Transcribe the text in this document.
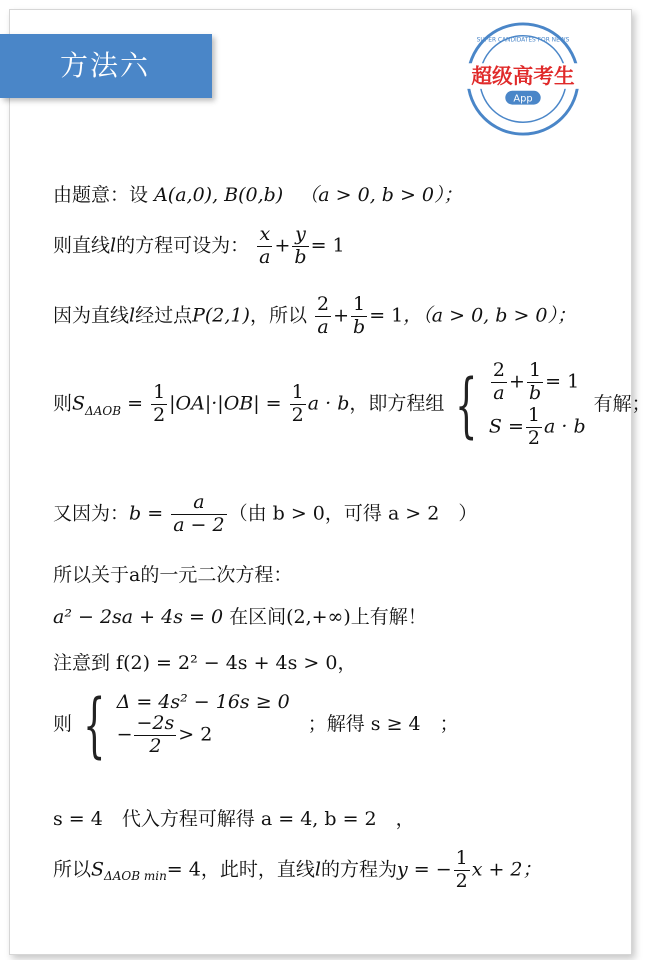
方法六
SUPER CANDIDATES FOR NEWS
超级高考生
App
由题意：设 A(a,0), B(0,b) （a > 0, b > 0）；
则直线l的方程可设为： $\frac{x}{a} + \frac{y}{b} = 1$
因为直线l经过点P(2,1)，所以 $\frac{2}{a} + \frac{1}{b} = 1$，（a > 0, b > 0）；
则$S_{\Delta AOB} = \frac{1}{2} |OA|\cdot|OB| = \frac{1}{2}$ a · b，即方程组 { $\frac{2}{a} + \frac{1}{b} = 1$
$S = \frac{1}{2}$ a · b
有解；
又因为：$b = \frac{a}{a - 2}$ （由 b > 0，可得 a > 2　）
所以关于a的一元二次方程：
a² − 2sa + 4s = 0 在区间(2,+∞)上有解！
注意到 f(2) = 2² − 4s + 4s > 0，
则 { Δ = 4s² − 16s ≥ 0
− $\frac{-2s}{2} > 2$	；解得 s ≥ 4　；
s = 4　代入方程可解得 a = 4, b = 2　，
所以$S_{\Delta AOB min}= 4$，此时，直线l的方程为y = − $\frac{1}{2}$ x + 2；
